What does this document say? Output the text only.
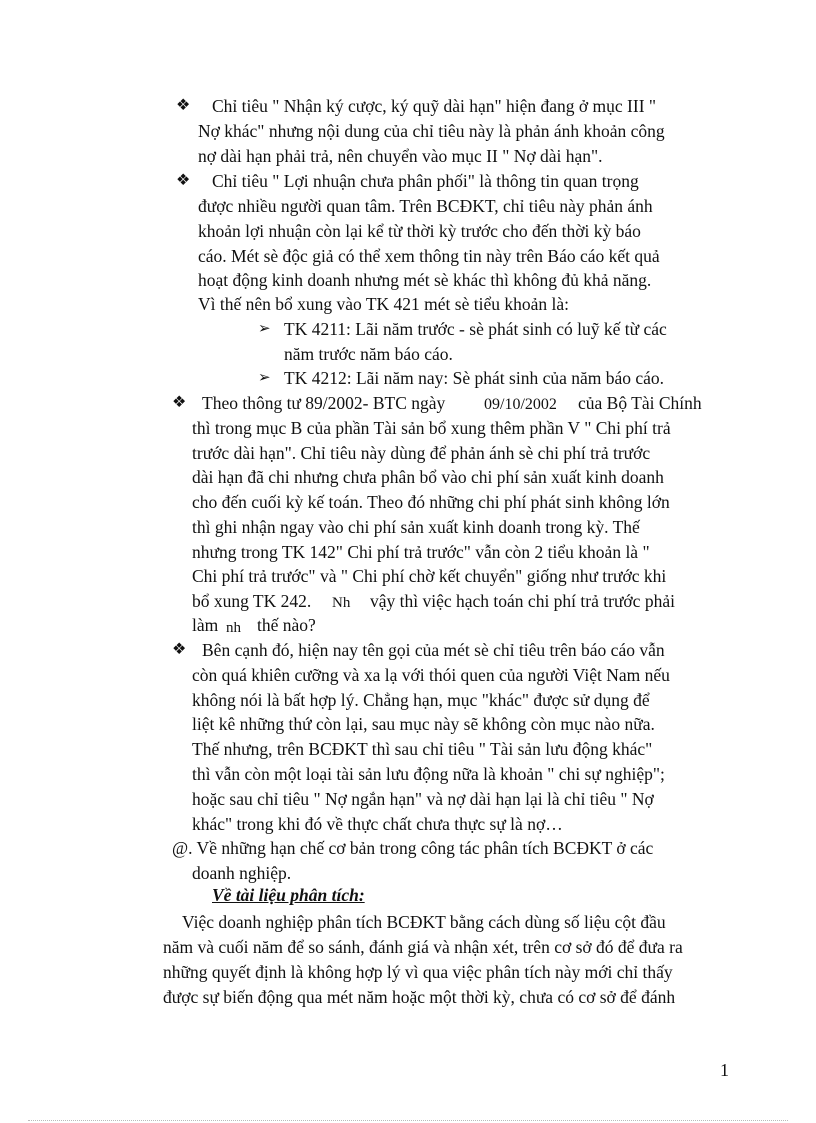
❖ Chỉ tiêu " Nhận ký cược, ký quỹ dài hạn" hiện đang ở mục III "
Nợ khác" nhưng nội dung của chỉ tiêu này là phản ánh khoản công
nợ dài hạn phải trả, nên chuyển vào mục II " Nợ dài hạn".
❖ Chỉ tiêu " Lợi nhuận chưa phân phối" là thông tin quan trọng
được nhiều người quan tâm. Trên BCĐKT, chỉ tiêu này phản ánh
khoản lợi nhuận còn lại kể từ thời kỳ trước cho đến thời kỳ báo
cáo. Mét sè độc giả có thể xem thông tin này trên Báo cáo kết quả
hoạt động kinh doanh nhưng mét sè khác thì không đủ khả năng.
Vì thế nên bổ xung vào TK 421 mét sè tiểu khoản là:
➢ TK 4211: Lãi năm trước - sè phát sinh có luỹ kế từ các
năm trước năm báo cáo.
➢ TK 4212: Lãi năm nay: Sè phát sinh của năm báo cáo.
❖ Theo thông tư 89/2002- BTC ngày 09/10/2002 của Bộ Tài Chính
thì trong mục B của phần Tài sản bổ xung thêm phần V " Chi phí trả
trước dài hạn". Chỉ tiêu này dùng để phản ánh sè chi phí trả trước
dài hạn đã chi nhưng chưa phân bổ vào chi phí sản xuất kinh doanh
cho đến cuối kỳ kế toán. Theo đó những chi phí phát sinh không lớn
thì ghi nhận ngay vào chi phí sản xuất kinh doanh trong kỳ. Thế
nhưng trong TK 142" Chi phí trả trước" vẫn còn 2 tiểu khoản là "
Chi phí trả trước" và " Chi phí chờ kết chuyển" giống như trước khi
bổ xung TK 242. Nh vậy thì việc hạch toán chi phí trả trước phải
làm nh thế nào?
❖ Bên cạnh đó, hiện nay tên gọi của mét sè chỉ tiêu trên báo cáo vẫn
còn quá khiên cưỡng và xa lạ với thói quen của người Việt Nam nếu
không nói là bất hợp lý. Chẳng hạn, mục "khác" được sử dụng để
liệt kê những thứ còn lại, sau mục này sẽ không còn mục nào nữa.
Thế nhưng, trên BCĐKT thì sau chỉ tiêu " Tài sản lưu động khác"
thì vẫn còn một loại tài sản lưu động nữa là khoản " chi sự nghiệp";
hoặc sau chỉ tiêu " Nợ ngắn hạn" và nợ dài hạn lại là chỉ tiêu " Nợ
khác" trong khi đó về thực chất chưa thực sự là nợ…
@. Về những hạn chế cơ bản trong công tác phân tích BCĐKT ở các
doanh nghiệp.
Về tài liệu phân tích:
Việc doanh nghiệp phân tích BCĐKT bằng cách dùng số liệu cột đầu
năm và cuối năm để so sánh, đánh giá và nhận xét, trên cơ sở đó để đưa ra
những quyết định là không hợp lý vì qua việc phân tích này mới chỉ thấy
được sự biến động qua mét năm hoặc một thời kỳ, chưa có cơ sở để đánh
1
